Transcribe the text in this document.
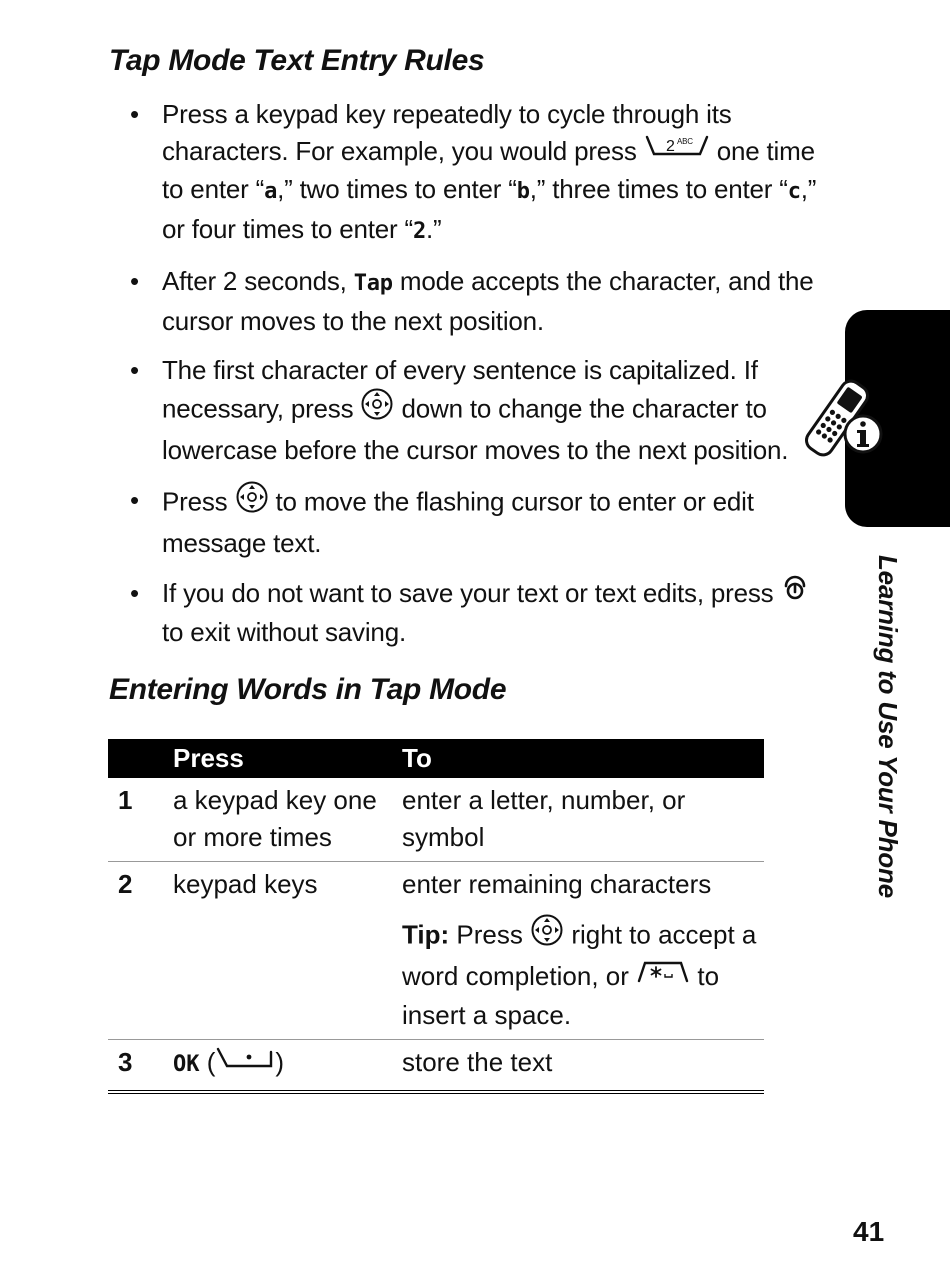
Tap Mode Text Entry Rules
• Press a keypad key repeatedly to cycle through its characters. For example, you would press 2 ABC one time to enter “a,” two times to enter “b,” three times to enter “c,” or four times to enter “2.”
• After 2 seconds, Tap mode accepts the character, and the cursor moves to the next position.
• The first character of every sentence is capitalized. If necessary, press down to change the character to lowercase before the cursor moves to the next position.
• Press to move the flashing cursor to enter or edit message text.
• If you do not want to save your text or text edits, press  to exit without saving.
Entering Words in Tap Mode
	Press	To
1	a keypad key one or more times	enter a letter, number, or symbol
2	keypad keys	enter remaining characters
Tip: Press right to accept a word completion, or to insert a space.

3	OK ( )	store the text
Learning to Use Your Phone
41
